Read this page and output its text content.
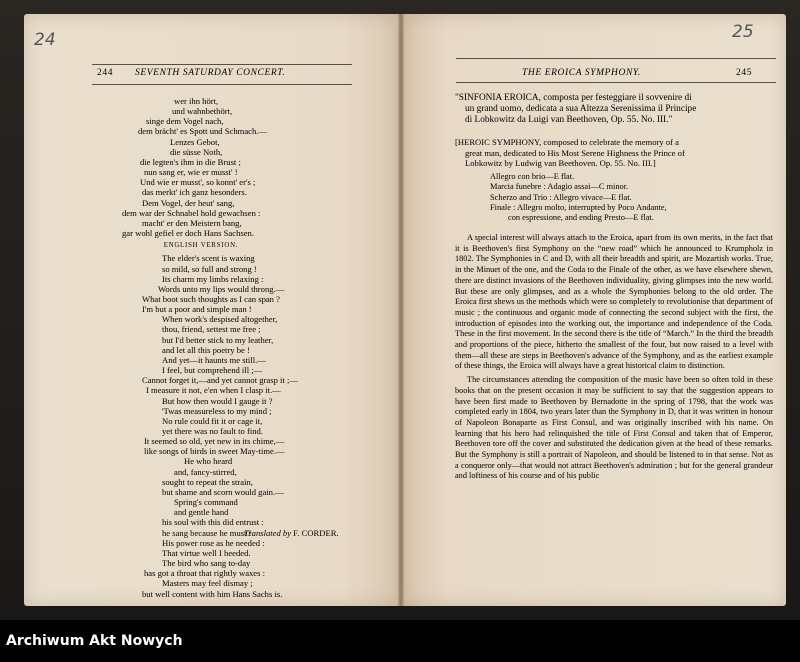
24	25
244 SEVENTH SATURDAY CONCERT.
wer ihn hört,
und wahnbethört,
singe dem Vogel nach,
dem brächt' es Spott und Schmach.—
Lenzes Gebot,
die süsse Noth,
die legten's ihm in die Brust ;
nun sang er, wie er musst' !
Und wie er musst', so konnt' er's ;
das merkt' ich ganz besonders.
Dem Vogel, der heut' sang,
dem war der Schnabel hold gewachsen :
macht' er den Meistern bang,
gar wohl gefiel er doch Hans Sachsen.
ENGLISH VERSION.
The elder's scent is waxing
so mild, so full and strong !
Its charm my limbs relaxing :
Words unto my lips would throng.—
What boot such thoughts as I can span ?
I'm but a poor and simple man !
When work's despised altogether,
thou, friend, settest me free ;
but I'd better stick to my leather,
and let all this poetry be !
And yet—it haunts me still.—
I feel, but comprehend ill ;—
Cannot forget it,—and yet cannot grasp it ;—
I measure it not, e'en when I clasp it.—
But how then would I gauge it ?
'Twas measureless to my mind ;
No rule could fit it or cage it,
yet there was no fault to find.
It seemed so old, yet new in its chime,—
like songs of birds in sweet May-time.—
He who heard
and, fancy-stirred,
sought to repeat the strain,
but shame and scorn would gain.—
Spring's command
and gentle hand
his soul with this did entrust :
he sang because he must !
His power rose as he needed :
That virtue well I heeded.
The bird who sang to-day
has got a throat that rightly waxes :
Masters may feel dismay ;
but well content with him Hans Sachs is.
Translated by F. CORDER.
THE EROICA SYMPHONY.	245
"SINFONIA EROICA, composta per festeggiare il sovvenire di
un grand uomo, dedicata a sua Altezza Serenissima il Principe
di Lobkowitz da Luigi van Beethoven, Op. 55. No. III."
[HEROIC SYMPHONY, composed to celebrate the memory of a
great man, dedicated to His Most Serene Highness the Prince of
Lobkowitz by Ludwig van Beethoven. Op. 55. No. III.]
Allegro con brio—E flat.
Marcia funebre : Adagio assai—C minor.
Scherzo and Trio : Allegro vivace—E flat.
Finale : Allegro molto, interrupted by Poco Andante,
con espressione, and ending Presto—E flat.

A special interest will always attach to the Eroica, apart from its own merits, in the fact that it is Beethoven's first Symphony on the “new road” which he announced to Krumpholz in 1802. The Symphonies in C and D, with all their breadth and spirit, are Mozartish works. True, in the Minuet of the one, and the Coda to the Finale of the other, as we have elsewhere shewn, there are distinct invasions of the Beethoven individuality, giving glimpses into the new world. But these are only glimpses, and as a whole the Symphonies belong to the old order. The Eroica first shews us the methods which were so completely to revolutionise that department of music ; the continuous and organic mode of connecting the second subject with the first, the introduction of episodes into the working out, the importance and independence of the Coda. These in the first movement. In the second there is the title of “March.” In the third the breadth and proportions of the piece, hitherto the smallest of the four, but now raised to a level with them—all these are steps in Beethoven's advance of the Symphony, and as the earliest example of these things, the Eroica will always have a great historical claim to distinction.

The circumstances attending the composition of the music have been so often told in these books that on the present occasion it may be sufficient to say that the suggestion appears to have been first made to Beethoven by Bernadotte in the spring of 1798, that the work was completed early in 1804, two years later than the Symphony in D, that it was written in honour of Napoleon Bonaparte as First Consul, and was originally inscribed with his name. On learning that his hero had relinquished the title of First Consul and taken that of Emperor, Beethoven tore off the cover and substituted the dedication given at the head of these remarks. But the Symphony is still a portrait of Napoleon, and should be listened to in that sense. Not as a conqueror only—that would not attract Beethoven's admiration ; but for the general grandeur and loftiness of his course and of his public

Archiwum Akt Nowych
